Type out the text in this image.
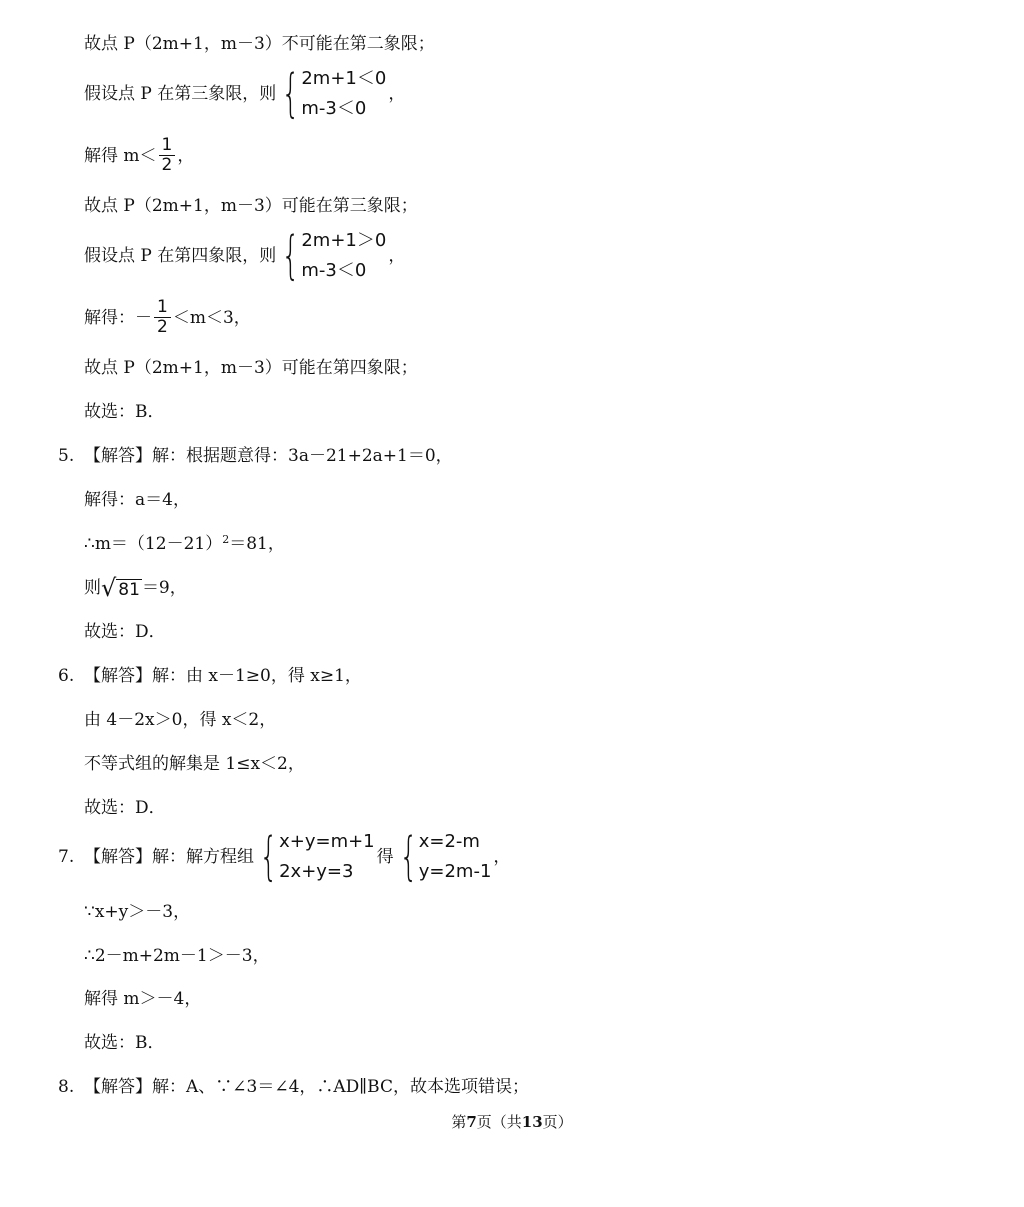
故点 P（2m+1，m－3）不可能在第二象限；
假设点 P 在第三象限，则 { 2m+1＜0
m-3＜0
，
解得 $m< \frac{1}{2}$ ，
故点 P（2m+1，m－3）可能在第三象限；
假设点 P 在第四象限，则 { 2m+1＞0
m-3＜0
，
解得：－ $\frac{1}{2} <m<3$，
故点 P（2m+1，m－3）可能在第四象限；
故选：B．
5. 【解答】解：根据题意得：3a－21+2a+1＝0，
解得：a＝4，
$\therefore m=(12-21)^2 =81$，
则 √ 81 ＝9，
故选：D．
6. 【解答】解：由 x－1≥0，得 x≥1，
由 4－2x＞0，得 x＜2，
不等式组的解集是 1≤x＜2，
故选：D．
7. 【解答】解：解方程组 { x+y=m+1
2x+y=3
得 { x=2-m
y=2m-1
，
∵x+y＞－3，
∴2－m+2m－1＞－3，
解得 m＞－4，
故选：B．
8. 【解答】解：A、∵∠3＝∠4，∴AD∥BC，故本选项错误；
第7页（共13页）
